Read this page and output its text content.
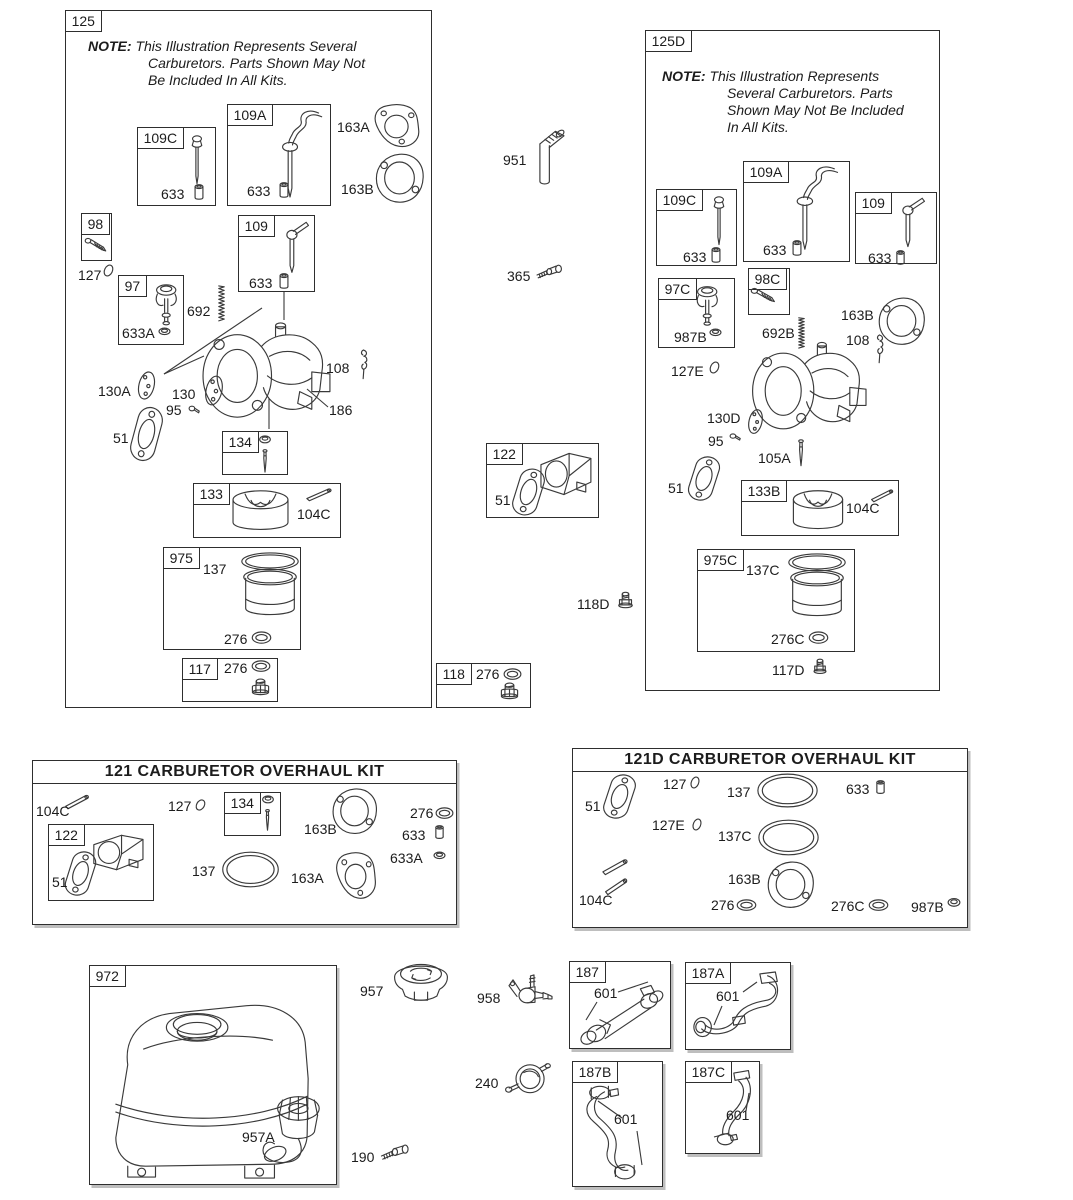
NOTE: This Illustration Represents Several
Carburetors. Parts Shown May Not
Be Included In All Kits.	NOTE: This Illustration Represents
Several Carburetors. Parts
Shown May Not Be Included
In All Kits.
125
109C
109A
98
97
109
134
133
975
117
122
118
125D
109C
109A
109
97C
98C
133B
975C
121 CARBURETOR OVERHAUL KIT
134
122
121D CARBURETOR OVERHAUL KIT
972	187	187A
187B	187C
633	633
163A
163B
127
633A
692
633
108
130A	130
95
51
186
104C
137
276
276
951
365
51
118D
276
633	633	633
987B	692B
163B
108
127E
130D
95
105A
51
104C
137C
276C
117D
104C	127
163B
276
633
633A
51
137	163A
51
127	137	633
127E
137C
104C
163B
276	276C	987B
957A
957	958
240
190
601	601
601	601
